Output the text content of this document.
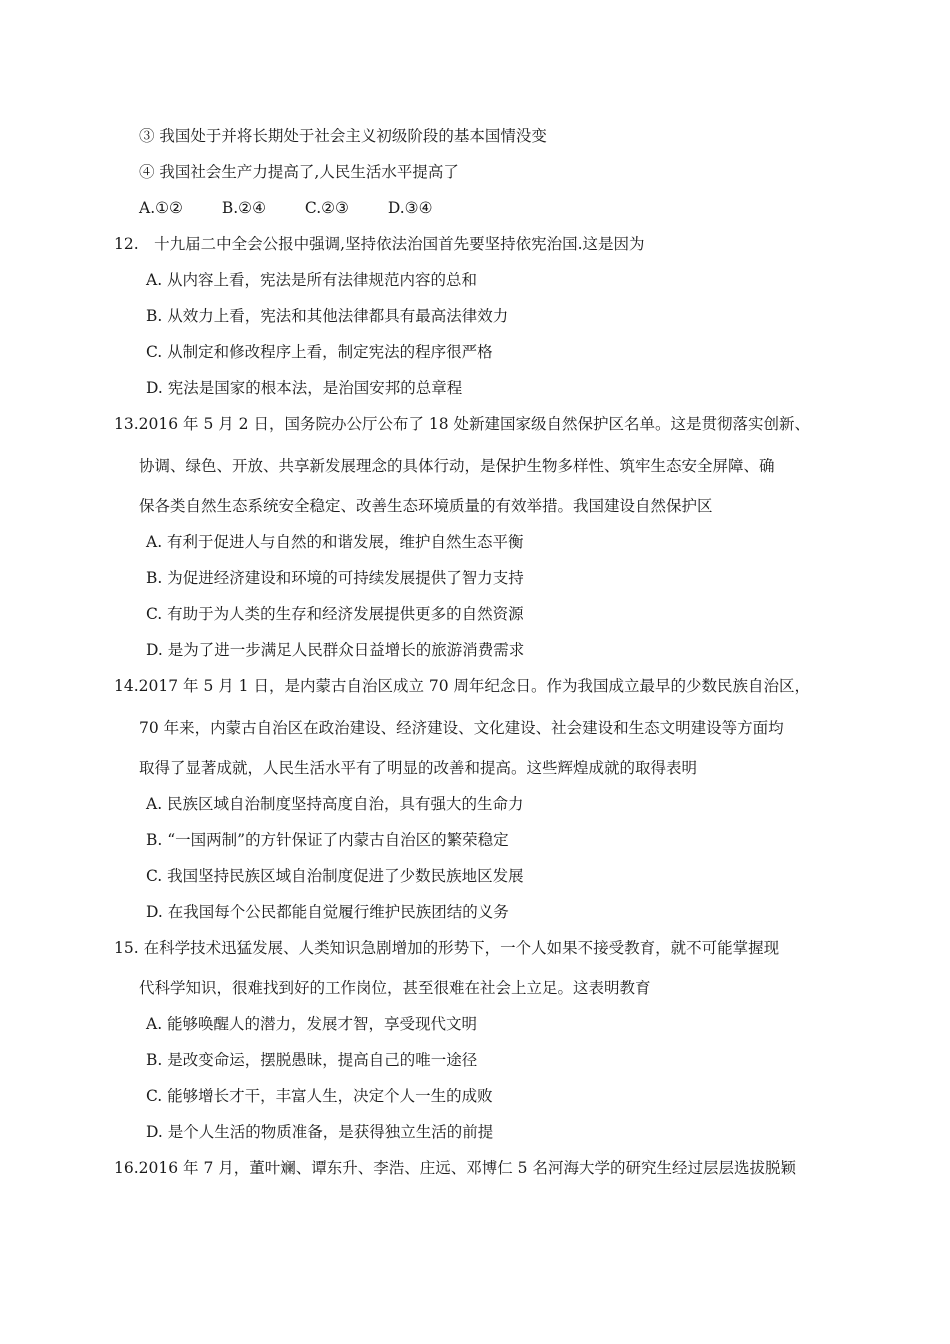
③ 我国处于并将长期处于社会主义初级阶段的基本国情没变
④ 我国社会生产力提高了,人民生活水平提高了
A.①②	B.②④	C.②③	D.③④
12.　十九届二中全会公报中强调,坚持依法治国首先要坚持依宪治国.这是因为
A. 从内容上看，宪法是所有法律规范内容的总和
B. 从效力上看，宪法和其他法律都具有最高法律效力
C. 从制定和修改程序上看，制定宪法的程序很严格
D. 宪法是国家的根本法，是治国安邦的总章程
13.2016 年 5 月 2 日，国务院办公厅公布了 18 处新建国家级自然保护区名单。这是贯彻落实创新、
协调、绿色、开放、共享新发展理念的具体行动，是保护生物多样性、筑牢生态安全屏障、确
保各类自然生态系统安全稳定、改善生态环境质量的有效举措。我国建设自然保护区
A. 有利于促进人与自然的和谐发展，维护自然生态平衡
B. 为促进经济建设和环境的可持续发展提供了智力支持
C. 有助于为人类的生存和经济发展提供更多的自然资源
D. 是为了进一步满足人民群众日益增长的旅游消费需求
14.2017 年 5 月 1 日，是内蒙古自治区成立 70 周年纪念日。作为我国成立最早的少数民族自治区，
70 年来，内蒙古自治区在政治建设、经济建设、文化建设、社会建设和生态文明建设等方面均
取得了显著成就，人民生活水平有了明显的改善和提高。这些辉煌成就的取得表明
A. 民族区域自治制度坚持高度自治，具有强大的生命力
B. “一国两制”的方针保证了内蒙古自治区的繁荣稳定
C. 我国坚持民族区域自治制度促进了少数民族地区发展
D. 在我国每个公民都能自觉履行维护民族团结的义务
15. 在科学技术迅猛发展、人类知识急剧增加的形势下，一个人如果不接受教育，就不可能掌握现
代科学知识，很难找到好的工作岗位，甚至很难在社会上立足。这表明教育
A. 能够唤醒人的潜力，发展才智，享受现代文明
B. 是改变命运，摆脱愚昧，提高自己的唯一途径
C. 能够增长才干，丰富人生，决定个人一生的成败
D. 是个人生活的物质准备，是获得独立生活的前提
16.2016 年 7 月，董叶斓、谭东升、李浩、庄远、邓博仁 5 名河海大学的研究生经过层层选拔脱颖
